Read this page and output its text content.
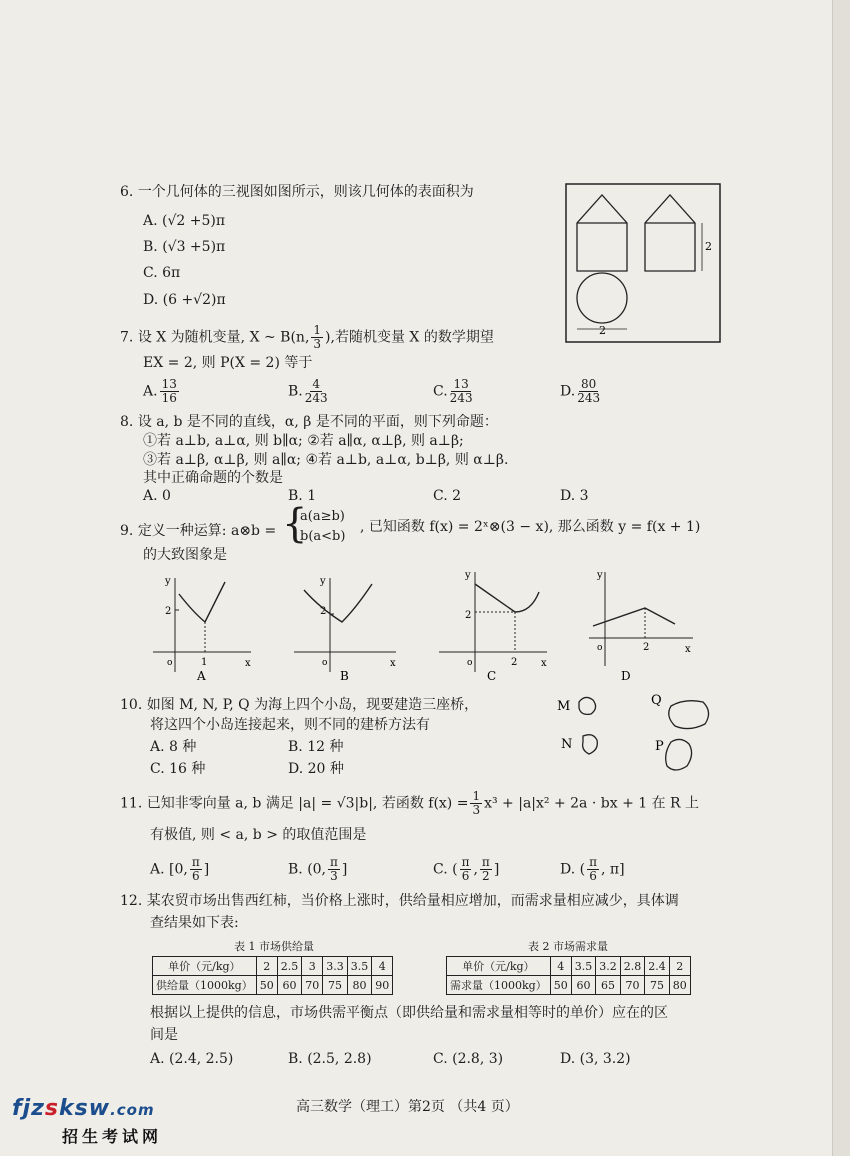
6. 一个几何体的三视图如图所示，则该几何体的表面积为
A. (√2 +5)π
B. (√3 +5)π
C. 6π
D. (6 +√2)π
2
2
7. 设 X 为随机变量, X ~ B(n, $\frac{1}{3}$ ),若随机变量 X 的数学期望
EX = 2, 则 P(X = 2) 等于
A. $\frac{13}{16}$	B. $\frac{4}{243}$	C. $\frac{13}{243}$	D. $\frac{80}{243}$
8. 设 a, b 是不同的直线，α, β 是不同的平面，则下列命题：
①若 a⊥b, a⊥α, 则 b∥α; ②若 a∥α, α⊥β, 则 a⊥β;
③若 a⊥β, α⊥β, 则 a∥α; ④若 a⊥b, a⊥α, b⊥β, 则 α⊥β.
其中正确命题的个数是
A. 0	B. 1	C. 2	D. 3
9. 定义一种运算: a⊗b = {
a(a≥b)
b(a<b)
, 已知函数 f(x) = 2ˣ⊗(3 − x), 那么函数 y = f(x + 1)
的大致图象是
y
x
o
2
1
A
y
x
o
2
B
y
x
o
2
2
C
y
x
o	2
D
10. 如图 M, N, P, Q 为海上四个小岛，现要建造三座桥，
将这四个小岛连接起来，则不同的建桥方法有
A. 8 种	B. 12 种
C. 16 种	D. 20 种
M	Q
N	P
11. 已知非零向量 a, b 满足 |a| = √3|b|, 若函数 $f(x) = \frac{1}{3} x^3 + |a|x^2 + 2a$ · bx + 1 在 R 上
有极值, 则 < a, b > 的取值范围是
A. [0, $\frac{\pi}{6}$ ]	B. (0, $\frac{\pi}{3}$ ]	C. ( $\frac{\pi}{6}$ , $\frac{\pi}{2}$ ]	D. ( $\frac{\pi}{6}$ , π]
12. 某农贸市场出售西红柿，当价格上涨时，供给量相应增加，而需求量相应减少，具体调
查结果如下表:
表 1 市场供给量
单价（元/kg）	2	2.5	3	3.3	3.5	4
供给量（1000kg）	50	60	70	75	80	90
表 2 市场需求量
单价（元/kg）	4	3.5	3.2	2.8	2.4	2
需求量（1000kg）	50	60	65	70	75	80
根据以上提供的信息，市场供需平衡点（即供给量和需求量相等时的单价）应在的区
间是
A. (2.4, 2.5)	B. (2.5, 2.8)	C. (2.8, 3)	D. (3, 3.2)
高三数学（理工）第2页 （共4 页）
fjzsksw.com
招生考试网
